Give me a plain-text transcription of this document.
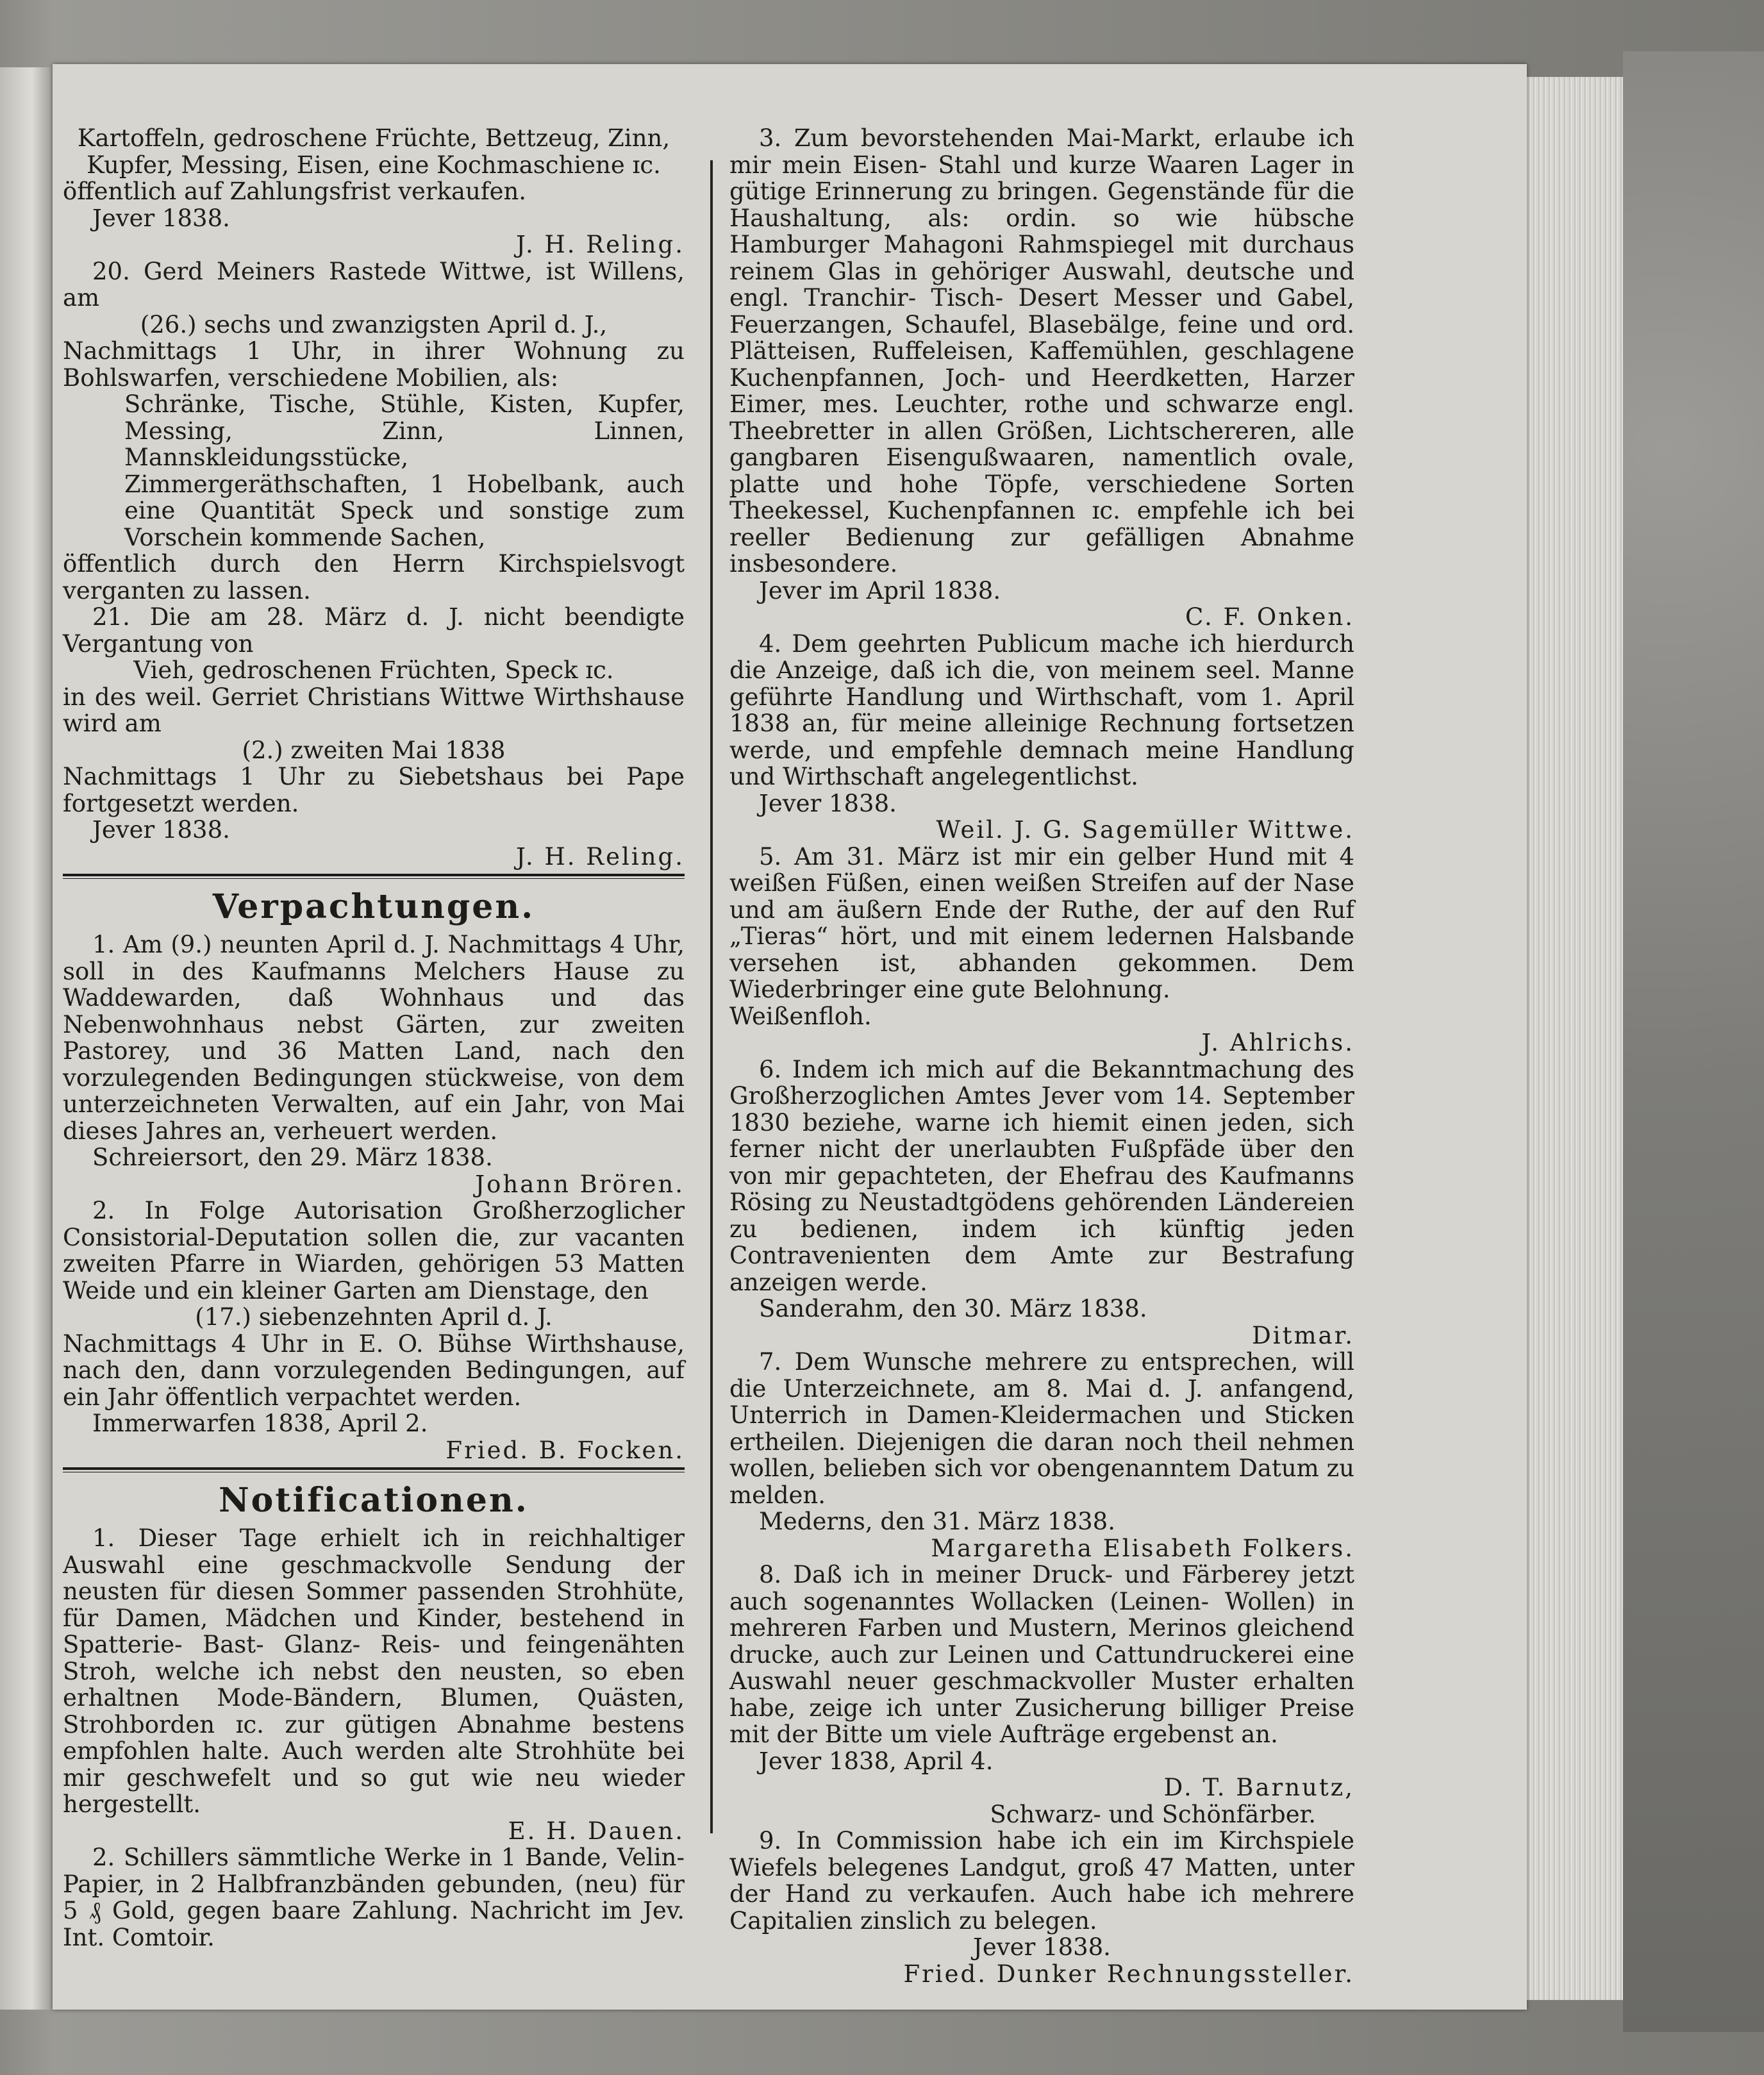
Kartoffeln, gedroschene Früchte, Bettzeug, Zinn,

Kupfer, Messing, Eisen, eine Kochmaschiene ɪc.

öffentlich auf Zahlungsfrist verkaufen.

Jever 1838.

J. H. Reling.

20. Gerd Meiners Rastede Wittwe, ist Willens, am

(26.) sechs und zwanzigsten April d. J.,

Nachmittags 1 Uhr, in ihrer Wohnung zu Bohlswarfen, verschiedene Mobilien, als:

Schränke, Tische, Stühle, Kisten, Kupfer, Messing, Zinn, Linnen, Mannskleidungsstücke, Zimmergeräthschaften, 1 Hobelbank, auch eine Quantität Speck und sonstige zum Vorschein kommende Sachen,

öffentlich durch den Herrn Kirchspielsvogt verganten zu lassen.

21. Die am 28. März d. J. nicht beendigte Vergantung von

Vieh, gedroschenen Früchten, Speck ɪc.

in des weil. Gerriet Christians Wittwe Wirthshause wird am

(2.) zweiten Mai 1838

Nachmittags 1 Uhr zu Siebetshaus bei Pape fortgesetzt werden.

Jever 1838.

J. H. Reling.

Verpachtungen.

1. Am (9.) neunten April d. J. Nachmittags 4 Uhr, soll in des Kaufmanns Melchers Hause zu Waddewarden, daß Wohnhaus und das Nebenwohnhaus nebst Gärten, zur zweiten Pastorey, und 36 Matten Land, nach den vorzulegenden Bedingungen stückweise, von dem unterzeichneten Verwalten, auf ein Jahr, von Mai dieses Jahres an, verheuert werden.

Schreiersort, den 29. März 1838.

Johann Brören.

2. In Folge Autorisation Großherzoglicher Consistorial-Deputation sollen die, zur vacanten zweiten Pfarre in Wiarden, gehörigen 53 Matten Weide und ein kleiner Garten am Dienstage, den

(17.) siebenzehnten April d. J.

Nachmittags 4 Uhr in E. O. Bühse Wirthshause, nach den, dann vorzulegenden Bedingungen, auf ein Jahr öffentlich verpachtet werden.

Immerwarfen 1838, April 2.

Fried. B. Focken.

Notificationen.

1. Dieser Tage erhielt ich in reichhaltiger Auswahl eine geschmackvolle Sendung der neusten für diesen Sommer passenden Strohhüte, für Damen, Mädchen und Kinder, bestehend in Spatterie- Bast- Glanz- Reis- und feingenähten Stroh, welche ich nebst den neusten, so eben erhaltnen Mode-Bändern, Blumen, Quästen, Strohborden ɪc. zur gütigen Abnahme bestens empfohlen halte. Auch werden alte Strohhüte bei mir geschwefelt und so gut wie neu wieder hergestellt.

E. H. Dauen.

2. Schillers sämmtliche Werke in 1 Bande, Velin-Papier, in 2 Halbfranzbänden gebunden, (neu) für 5 ₰ Gold, gegen baare Zahlung. Nachricht im Jev. Int. Comtoir.

3. Zum bevorstehenden Mai-Markt, erlaube ich mir mein Eisen- Stahl und kurze Waaren Lager in gütige Erinnerung zu bringen. Gegenstände für die Haushaltung, als: ordin. so wie hübsche Hamburger Mahagoni Rahmspiegel mit durchaus reinem Glas in gehöriger Auswahl, deutsche und engl. Tranchir- Tisch- Desert Messer und Gabel, Feuerzangen, Schaufel, Blasebälge, feine und ord. Plätteisen, Ruffeleisen, Kaffemühlen, geschlagene Kuchenpfannen, Joch- und Heerdketten, Harzer Eimer, mes. Leuchter, rothe und schwarze engl. Theebretter in allen Größen, Lichtschereren, alle gangbaren Eisengußwaaren, namentlich ovale, platte und hohe Töpfe, verschiedene Sorten Theekessel, Kuchenpfannen ɪc. empfehle ich bei reeller Bedienung zur gefälligen Abnahme insbesondere.

Jever im April 1838.

C. F. Onken.

4. Dem geehrten Publicum mache ich hierdurch die Anzeige, daß ich die, von meinem seel. Manne geführte Handlung und Wirthschaft, vom 1. April 1838 an, für meine alleinige Rechnung fortsetzen werde, und empfehle demnach meine Handlung und Wirthschaft angelegentlichst.

Jever 1838.

Weil. J. G. Sagemüller Wittwe.

5. Am 31. März ist mir ein gelber Hund mit 4 weißen Füßen, einen weißen Streifen auf der Nase und am äußern Ende der Ruthe, der auf den Ruf „Tieras“ hört, und mit einem ledernen Halsbande versehen ist, abhanden gekommen. Dem Wiederbringer eine gute Belohnung.

Weißenfloh.

J. Ahlrichs.

6. Indem ich mich auf die Bekanntmachung des Großherzoglichen Amtes Jever vom 14. September 1830 beziehe, warne ich hiemit einen jeden, sich ferner nicht der unerlaubten Fußpfäde über den von mir gepachteten, der Ehefrau des Kaufmanns Rösing zu Neustadtgödens gehörenden Ländereien zu bedienen, indem ich künftig jeden Contravenienten dem Amte zur Bestrafung anzeigen werde.

Sanderahm, den 30. März 1838.

Ditmar.

7. Dem Wunsche mehrere zu entsprechen, will die Unterzeichnete, am 8. Mai d. J. anfangend, Unterrich in Damen-Kleidermachen und Sticken ertheilen. Diejenigen die daran noch theil nehmen wollen, belieben sich vor obengenanntem Datum zu melden.

Mederns, den 31. März 1838.

Margaretha Elisabeth Folkers.

8. Daß ich in meiner Druck- und Färberey jetzt auch sogenanntes Wollacken (Leinen- Wollen) in mehreren Farben und Mustern, Merinos gleichend drucke, auch zur Leinen und Cattundruckerei eine Auswahl neuer geschmackvoller Muster erhalten habe, zeige ich unter Zusicherung billiger Preise mit der Bitte um viele Aufträge ergebenst an.

Jever 1838, April 4.

D. T. Barnutz,

Schwarz- und Schönfärber.

9. In Commission habe ich ein im Kirchspiele Wiefels belegenes Landgut, groß 47 Matten, unter der Hand zu verkaufen. Auch habe ich mehrere Capitalien zinslich zu belegen.

Jever 1838.

Fried. Dunker Rechnungssteller.
